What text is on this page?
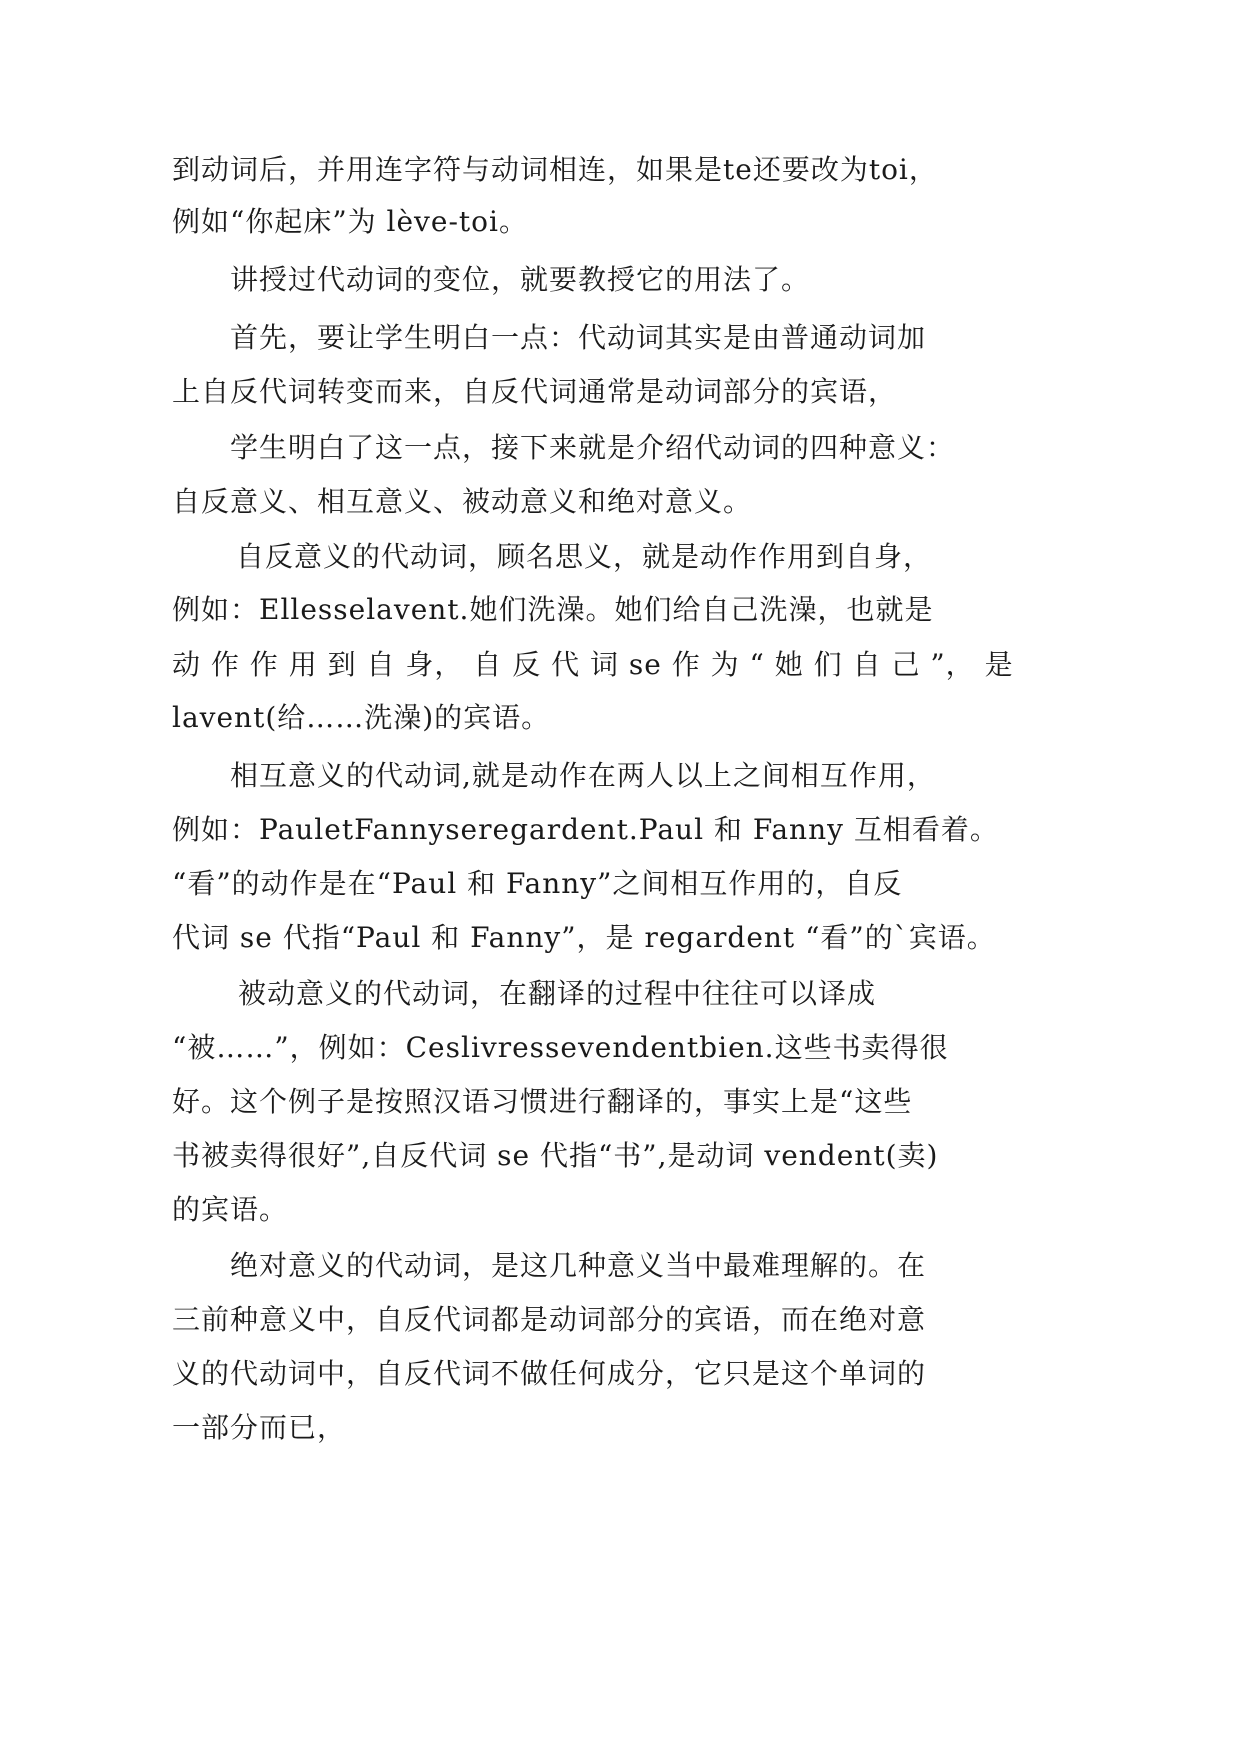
到动词后，并用连字符与动词相连，如果是te还要改为toi，
例如“你起床”为 lève-toi。
讲授过代动词的变位，就要教授它的用法了。
首先，要让学生明白一点：代动词其实是由普通动词加
上自反代词转变而来，自反代词通常是动词部分的宾语，
学生明白了这一点，接下来就是介绍代动词的四种意义：
自反意义、相互意义、被动意义和绝对意义。
自反意义的代动词，顾名思义，就是动作作用到自身，
例如：Ellesselavent.她们洗澡。她们给自己洗澡，也就是
动 作 作 用 到 自 身， 自 反 代 词 se 作 为 “ 她 们 自 己 ”， 是
lavent(给……洗澡)的宾语。
相互意义的代动词,就是动作在两人以上之间相互作用，
例如：PauletFannyseregardent.Paul 和 Fanny 互相看着。
“看”的动作是在“Paul 和 Fanny”之间相互作用的，自反
代词 se 代指“Paul 和 Fanny”，是 regardent “看”的`宾语。
被动意义的代动词，在翻译的过程中往往可以译成
“被……”，例如：Ceslivressevendentbien.这些书卖得很
好。这个例子是按照汉语习惯进行翻译的，事实上是“这些
书被卖得很好”,自反代词 se 代指“书”,是动词 vendent(卖)
的宾语。
绝对意义的代动词，是这几种意义当中最难理解的。在
三前种意义中，自反代词都是动词部分的宾语，而在绝对意
义的代动词中，自反代词不做任何成分，它只是这个单词的
一部分而已，
